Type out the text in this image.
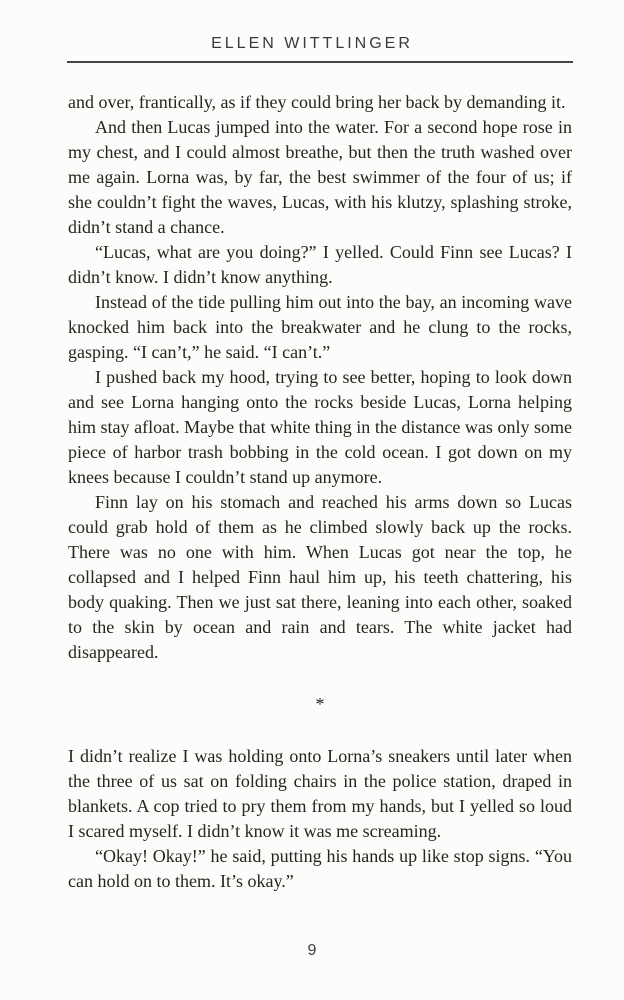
ELLEN WITTLINGER

and over, frantically, as if they could bring her back by demanding it.

And then Lucas jumped into the water. For a second hope rose in my chest, and I could almost breathe, but then the truth washed over me again. Lorna was, by far, the best swimmer of the four of us; if she couldn’t fight the waves, Lucas, with his klutzy, splashing stroke, didn’t stand a chance.

“Lucas, what are you doing?” I yelled. Could Finn see Lucas? I didn’t know. I didn’t know anything.

Instead of the tide pulling him out into the bay, an incoming wave knocked him back into the breakwater and he clung to the rocks, gasping. “I can’t,” he said. “I can’t.”

I pushed back my hood, trying to see better, hoping to look down and see Lorna hanging onto the rocks beside Lucas, Lorna helping him stay afloat. Maybe that white thing in the distance was only some piece of harbor trash bobbing in the cold ocean. I got down on my knees because I couldn’t stand up anymore.

Finn lay on his stomach and reached his arms down so Lucas could grab hold of them as he climbed slowly back up the rocks. There was no one with him. When Lucas got near the top, he collapsed and I helped Finn haul him up, his teeth chattering, his body quaking. Then we just sat there, leaning into each other, soaked to the skin by ocean and rain and tears. The white jacket had disappeared.

*

I didn’t realize I was holding onto Lorna’s sneakers until later when the three of us sat on folding chairs in the police station, draped in blankets. A cop tried to pry them from my hands, but I yelled so loud I scared myself. I didn’t know it was me screaming.

“Okay! Okay!” he said, putting his hands up like stop signs. “You can hold on to them. It’s okay.”

9
